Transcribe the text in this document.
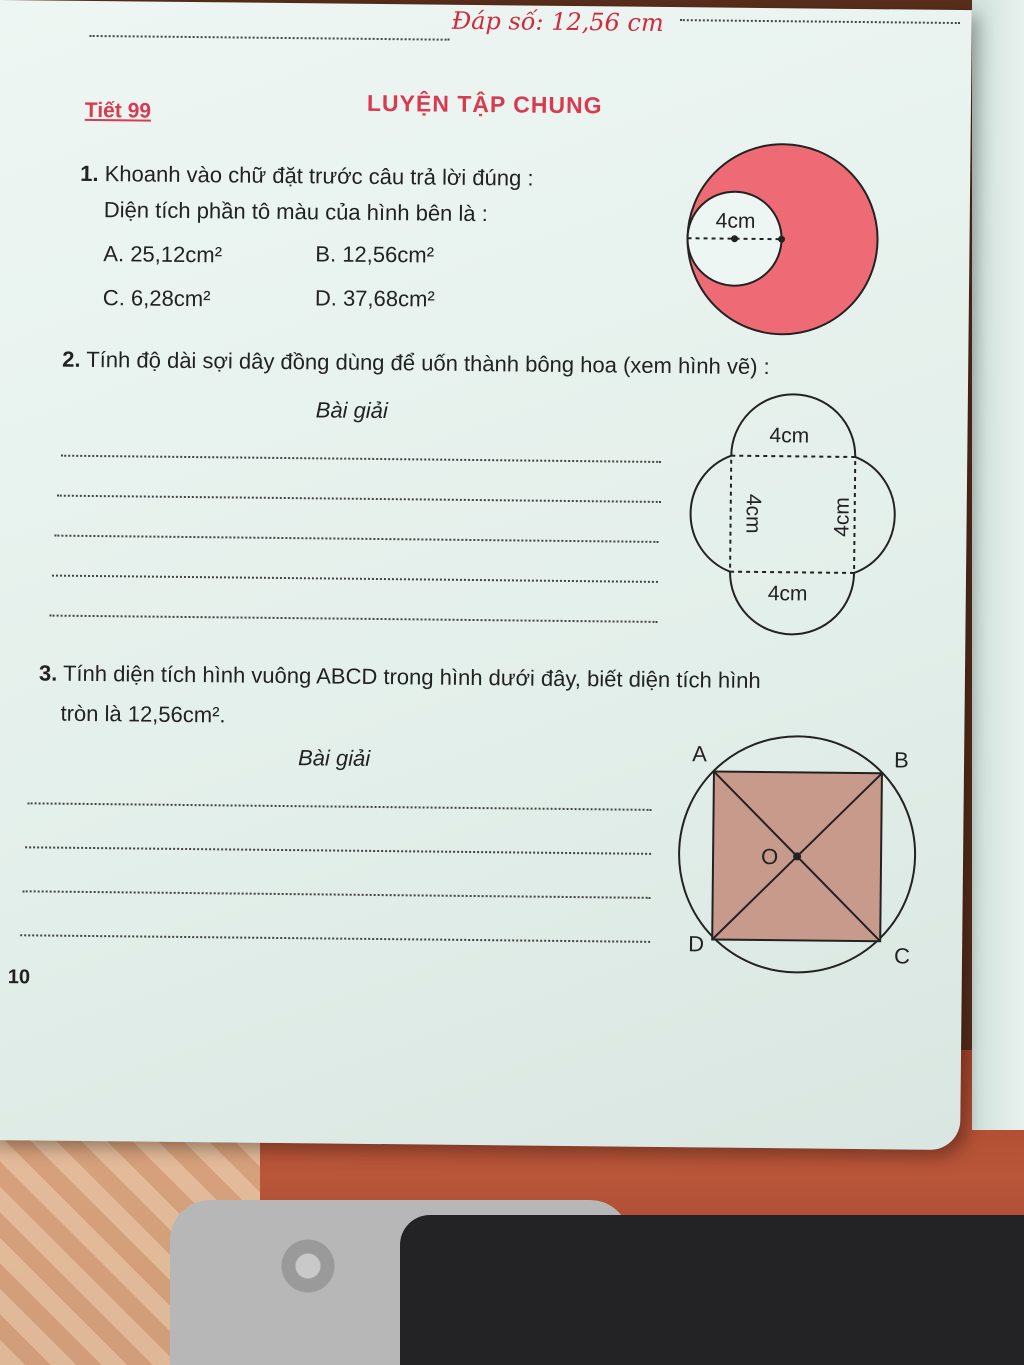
Đáp số: 12,56 cm
Tiết 99	LUYỆN TẬP CHUNG
1. Khoanh vào chữ đặt trước câu trả lời đúng :
Diện tích phần tô màu của hình bên là :
A. 25,12cm²	B. 12,56cm²
C. 6,28cm²	D. 37,68cm²
4cm
2. Tính độ dài sợi dây đồng dùng để uốn thành bông hoa (xem hình vẽ) :
Bài giải
4cm
4cm
4cm	4cm
3. Tính diện tích hình vuông ABCD trong hình dưới đây, biết diện tích hình
tròn là 12,56cm².
Bài giải	A	B
C
D
O
10
